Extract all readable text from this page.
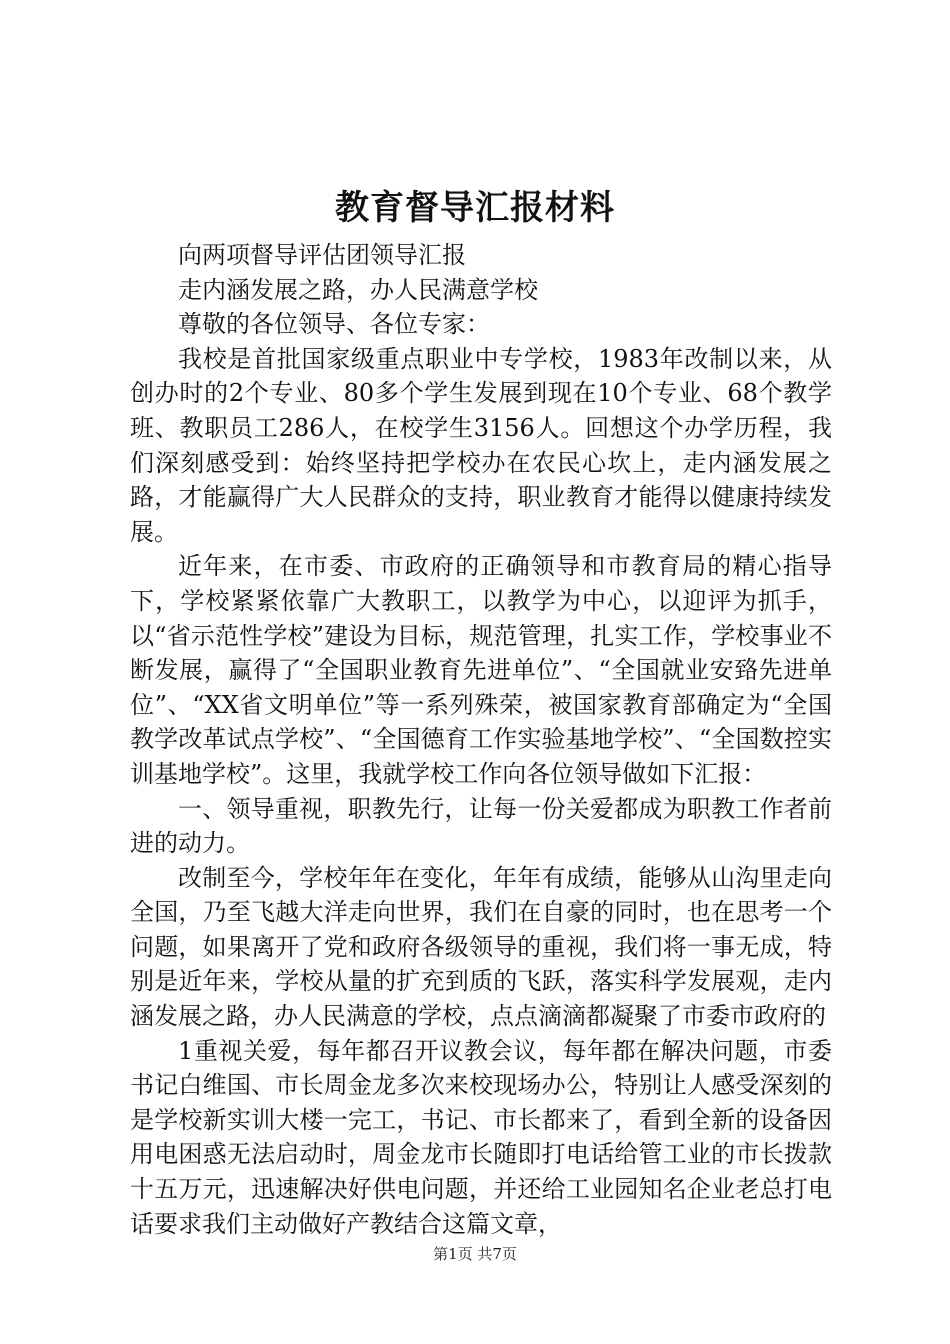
教育督导汇报材料

向两项督导评估团领导汇报

走内涵发展之路，办人民满意学校

尊敬的各位领导、各位专家：

我校是首批国家级重点职业中专学校，1983年改制以来，从创办时的2个专业、80多个学生发展到现在10个专业、68个教学班、教职员工286人，在校学生3156人。回想这个办学历程，我们深刻感受到：始终坚持把学校办在农民心坎上，走内涵发展之路，才能赢得广大人民群众的支持，职业教育才能得以健康持续发展。

近年来，在市委、市政府的正确领导和市教育局的精心指导下，学校紧紧依靠广大教职工，以教学为中心，以迎评为抓手，以“省示范性学校”建设为目标，规范管理，扎实工作，学校事业不断发展，赢得了“全国职业教育先进单位”、“全国就业安臵先进单位”、“XX省文明单位”等一系列殊荣，被国家教育部确定为“全国教学改革试点学校”、“全国德育工作实验基地学校”、“全国数控实训基地学校”。这里，我就学校工作向各位领导做如下汇报：

一、领导重视，职教先行，让每一份关爱都成为职教工作者前进的动力。

改制至今，学校年年在变化，年年有成绩，能够从山沟里走向全国，乃至飞越大洋走向世界，我们在自豪的同时，也在思考一个问题，如果离开了党和政府各级领导的重视，我们将一事无成，特别是近年来，学校从量的扩充到质的飞跃，落实科学发展观，走内涵发展之路，办人民满意的学校，点点滴滴都凝聚了市委市政府的

1重视关爱，每年都召开议教会议，每年都在解决问题，市委书记白维国、市长周金龙多次来校现场办公，特别让人感受深刻的是学校新实训大楼一完工，书记、市长都来了，看到全新的设备因用电困惑无法启动时，周金龙市长随即打电话给管工业的市长拨款十五万元，迅速解决好供电问题，并还给工业园知名企业老总打电话要求我们主动做好产教结合这篇文章，

第1页 共7页
